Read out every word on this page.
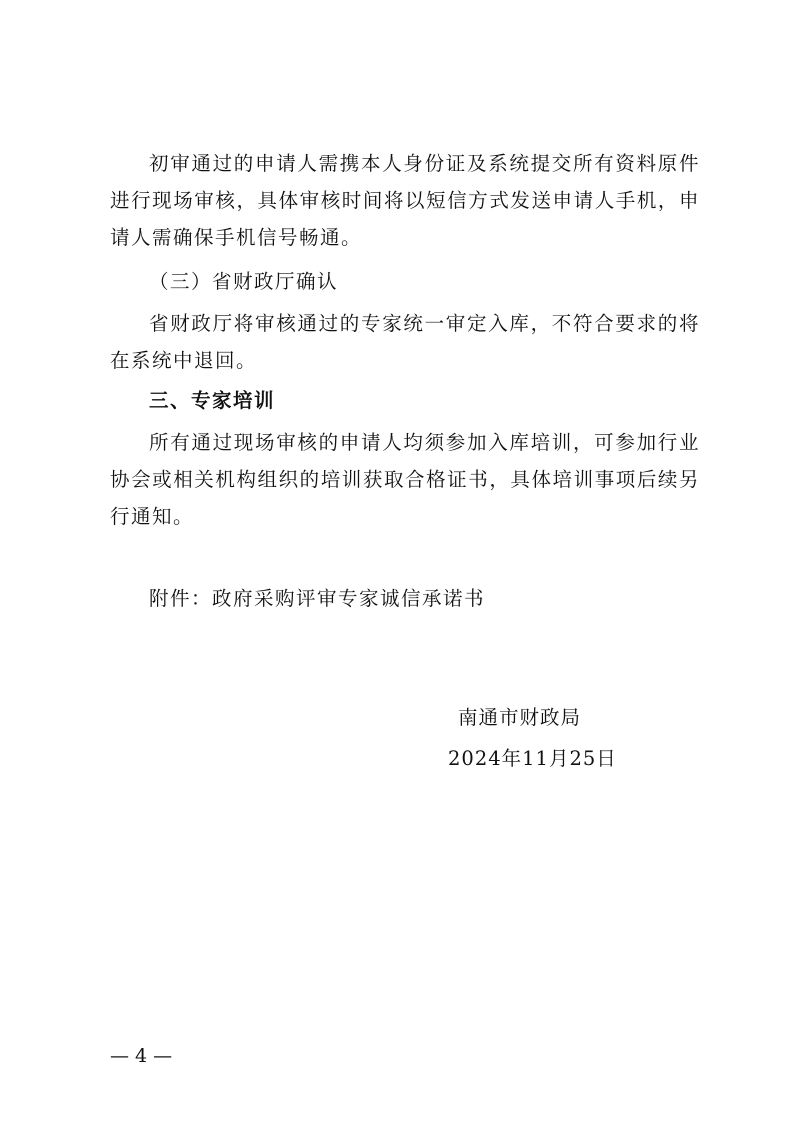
初审通过的申请人需携本人身份证及系统提交所有资料原件进行现场审核，具体审核时间将以短信方式发送申请人手机，申请人需确保手机信号畅通。

（三）省财政厅确认

省财政厅将审核通过的专家统一审定入库，不符合要求的将在系统中退回。

三、专家培训

所有通过现场审核的申请人均须参加入库培训，可参加行业协会或相关机构组织的培训获取合格证书，具体培训事项后续另行通知。

附件：政府采购评审专家诚信承诺书

南通市财政局

2024年11月25日

— 4 —
